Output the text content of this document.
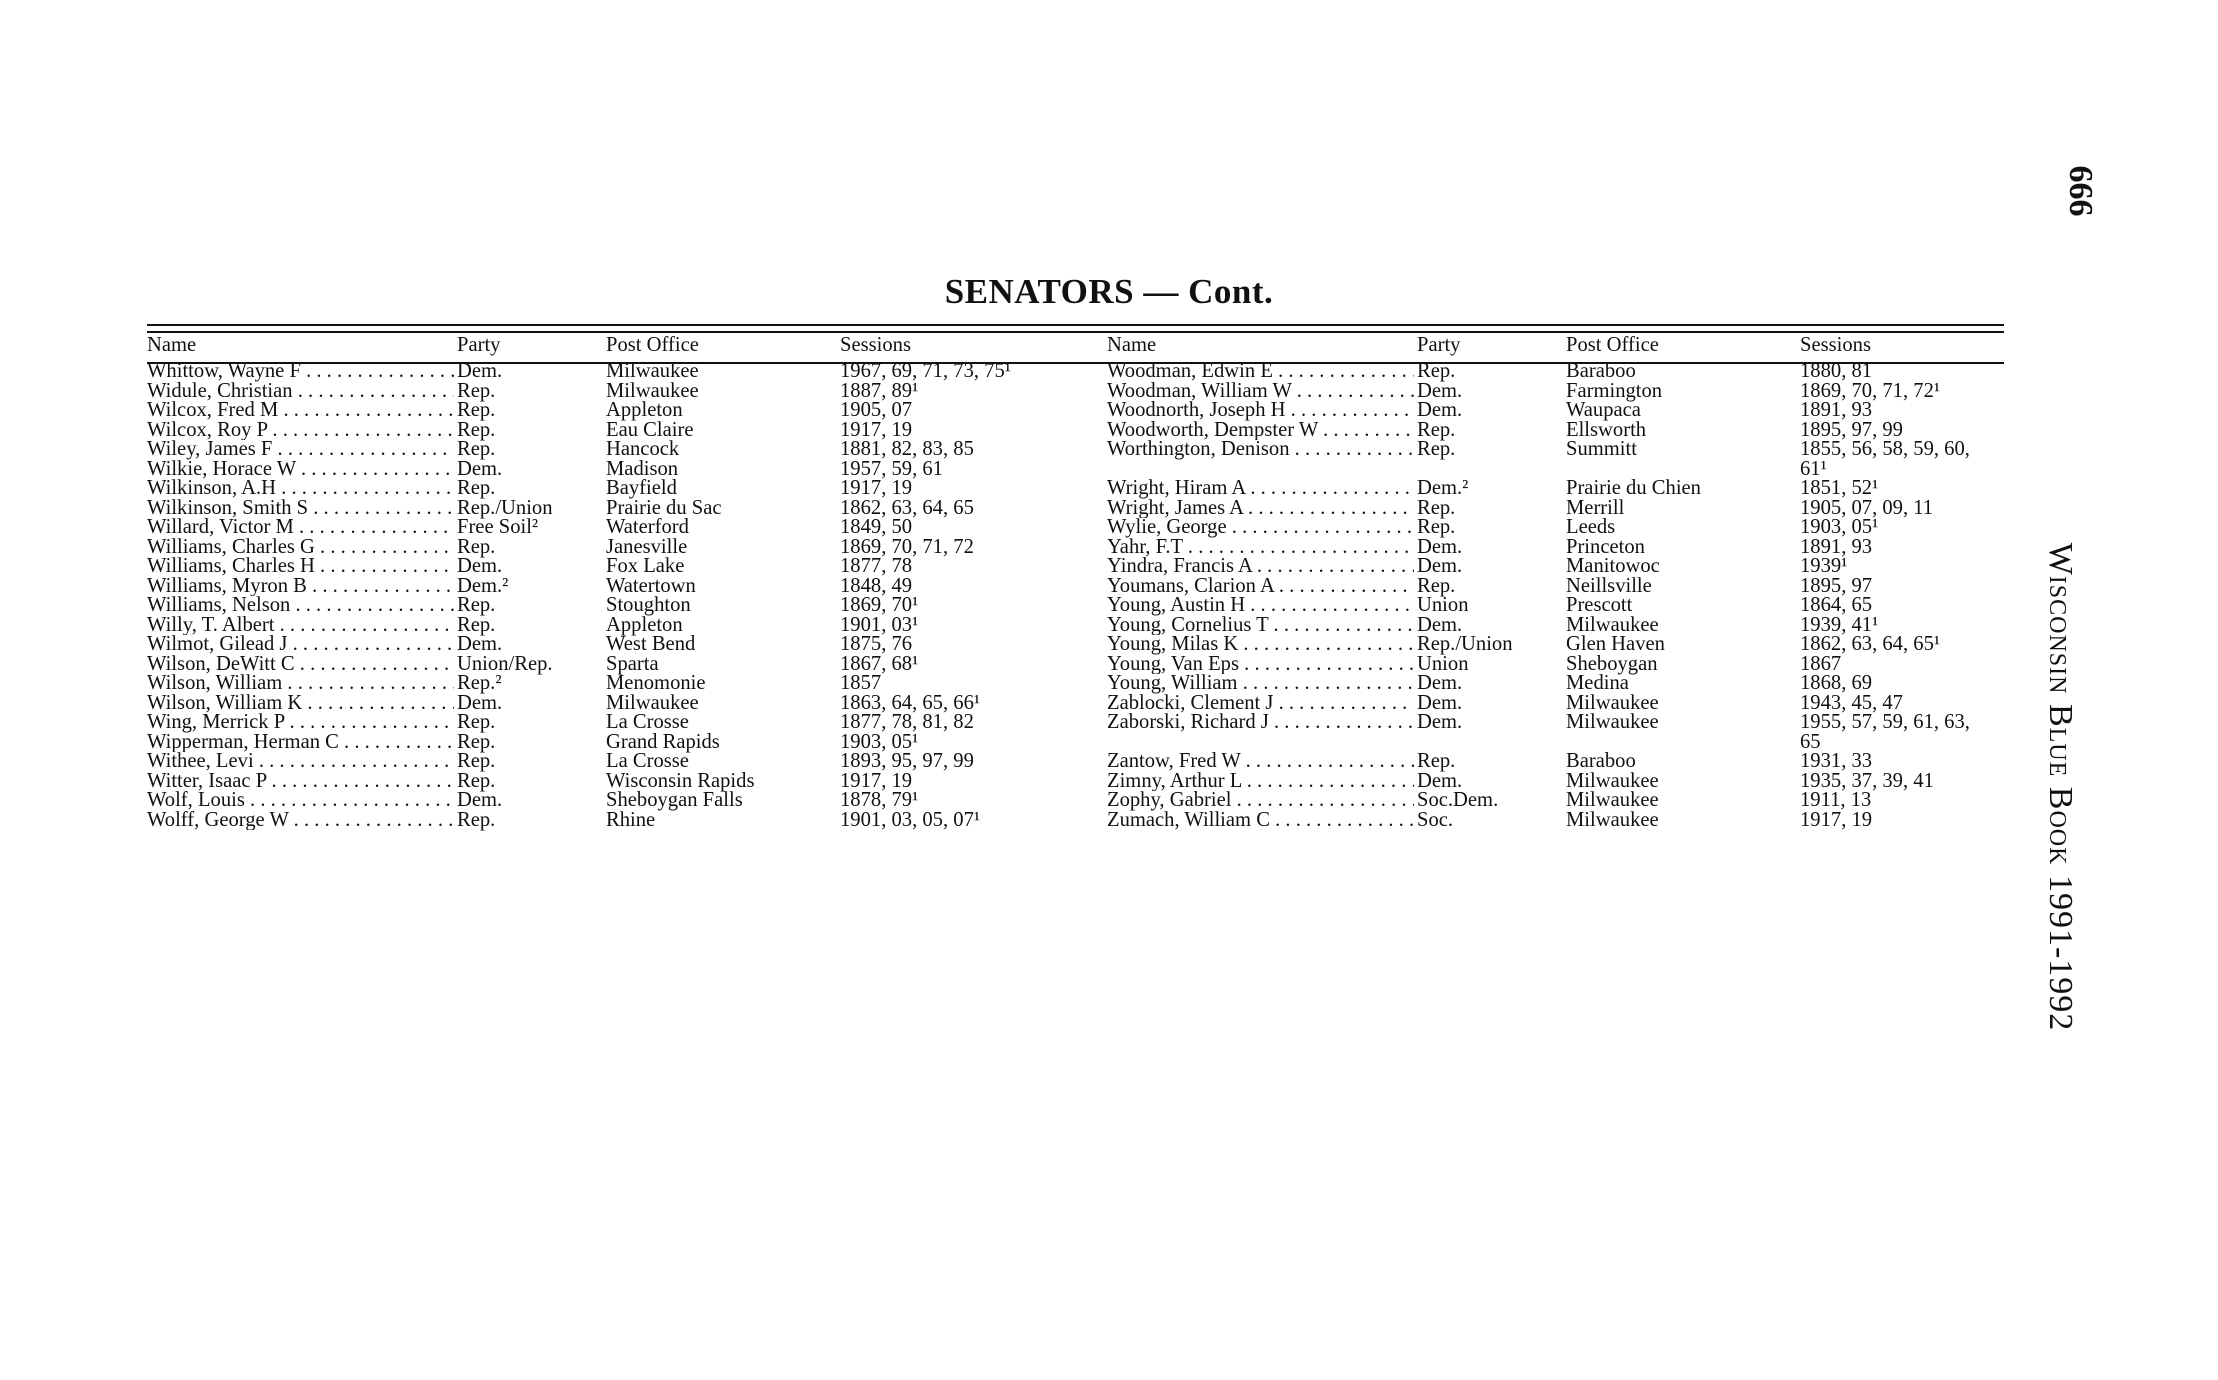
666
Wisconsin Blue Book 1991-1992
SENATORS — Cont.
Name	Party	Post Office	Sessions
Whittow, Wayne F . . .	Dem.	Milwaukee	1967, 69, 71, 73, 75¹
Widule, Christian . . .	Rep.	Milwaukee	1887, 89¹
Wilcox, Fred M . . .	Rep.	Appleton	1905, 07
Wilcox, Roy P . . .	Rep.	Eau Claire	1917, 19
Wiley, James F . . .	Rep.	Hancock	1881, 82, 83, 85
Wilkie, Horace W . . .	Dem.	Madison	1957, 59, 61
Wilkinson, A.H . . .	Rep.	Bayfield	1917, 19
Wilkinson, Smith S . . .	Rep./Union	Prairie du Sac	1862, 63, 64, 65
Willard, Victor M . . .	Free Soil²	Waterford	1849, 50
Williams, Charles G . . .	Rep.	Janesville	1869, 70, 71, 72
Williams, Charles H . . .	Dem.	Fox Lake	1877, 78
Williams, Myron B . . .	Dem.²	Watertown	1848, 49
Williams, Nelson . . .	Rep.	Stoughton	1869, 70¹
Willy, T. Albert . . .	Rep.	Appleton	1901, 03¹
Wilmot, Gilead J . . .	Dem.	West Bend	1875, 76
Wilson, DeWitt C . . .	Union/Rep.	Sparta	1867, 68¹
Wilson, William . . .	Rep.²	Menomonie	1857
Wilson, William K . . .	Dem.	Milwaukee	1863, 64, 65, 66¹
Wing, Merrick P . . .	Rep.	La Crosse	1877, 78, 81, 82
Wipperman, Herman C . . .	Rep.	Grand Rapids	1903, 05¹
Withee, Levi . . .	Rep.	La Crosse	1893, 95, 97, 99
Witter, Isaac P . . .	Rep.	Wisconsin Rapids	1917, 19
Wolf, Louis . . .	Dem.	Sheboygan Falls	1878, 79¹
Wolff, George W . . .	Rep.	Rhine	1901, 03, 05, 07¹
Name	Party	Post Office	Sessions
Woodman, Edwin E . . .	Rep.	Baraboo	1880, 81
Woodman, William W . . .	Dem.	Farmington	1869, 70, 71, 72¹
Woodnorth, Joseph H . . .	Dem.	Waupaca	1891, 93
Woodworth, Dempster W . . .	Rep.	Ellsworth	1895, 97, 99
Worthington, Denison . . .	Rep.	Summitt	1855, 56, 58, 59, 60,
61¹
Wright, Hiram A . . .	Dem.²	Prairie du Chien	1851, 52¹
Wright, James A . . .	Rep.	Merrill	1905, 07, 09, 11
Wylie, George . . .	Rep.	Leeds	1903, 05¹
Yahr, F.T . . .	Dem.	Princeton	1891, 93
Yindra, Francis A . . .	Dem.	Manitowoc	1939¹
Youmans, Clarion A . . .	Rep.	Neillsville	1895, 97
Young, Austin H . . .	Union	Prescott	1864, 65
Young, Cornelius T . . .	Dem.	Milwaukee	1939, 41¹
Young, Milas K . . .	Rep./Union	Glen Haven	1862, 63, 64, 65¹
Young, Van Eps . . .	Union	Sheboygan	1867
Young, William . . .	Dem.	Medina	1868, 69
Zablocki, Clement J . . .	Dem.	Milwaukee	1943, 45, 47
Zaborski, Richard J . . .	Dem.	Milwaukee	1955, 57, 59, 61, 63,
65
Zantow, Fred W . . .	Rep.	Baraboo	1931, 33
Zimny, Arthur L . . .	Dem.	Milwaukee	1935, 37, 39, 41
Zophy, Gabriel . . .	Soc.Dem.	Milwaukee	1911, 13
Zumach, William C . . .	Soc.	Milwaukee	1917, 19
